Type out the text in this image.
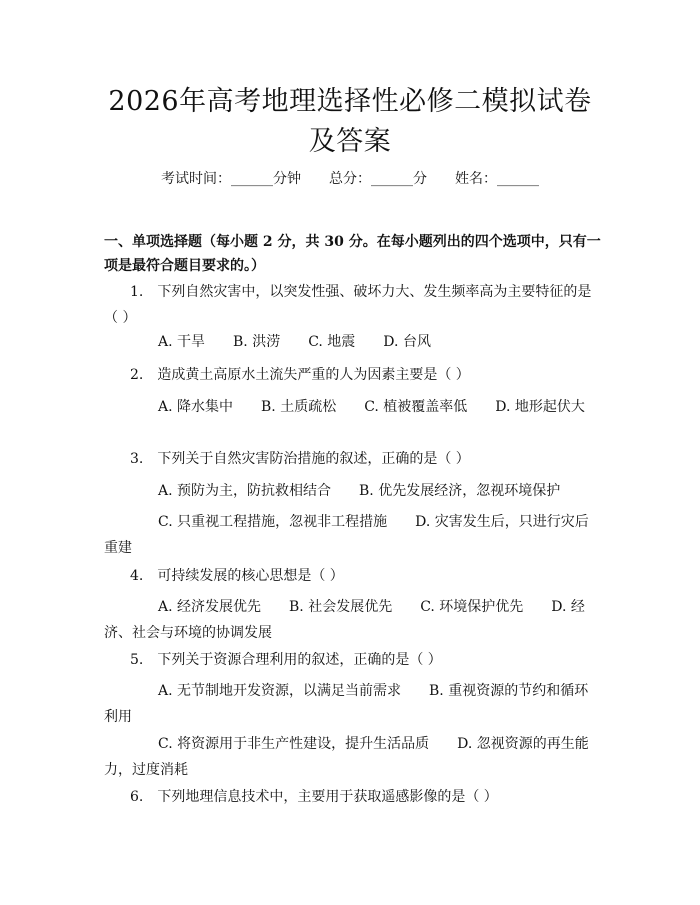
2026年高考地理选择性必修二模拟试卷及答案
考试时间：______分钟 总分：______分 姓名：______
一、单项选择题（每小题 2 分，共 30 分。在每小题列出的四个选项中，只有一项是最符合题目要求的。）
1.　下列自然灾害中，以突发性强、破坏力大、发生频率高为主要特征的是（ ）
A. 干旱　　B. 洪涝　　C. 地震　　D. 台风
2.　造成黄土高原水土流失严重的人为因素主要是（ ）
A. 降水集中　　B. 土质疏松　　C. 植被覆盖率低　　D. 地形起伏大
3.　下列关于自然灾害防治措施的叙述，正确的是（ ）
A. 预防为主，防抗救相结合　　B. 优先发展经济，忽视环境保护
C. 只重视工程措施，忽视非工程措施　　D. 灾害发生后，只进行灾后重建
4.　可持续发展的核心思想是（ ）
A. 经济发展优先　　B. 社会发展优先　　C. 环境保护优先　　D. 经济、社会与环境的协调发展
5.　下列关于资源合理利用的叙述，正确的是（ ）
A. 无节制地开发资源，以满足当前需求　　B. 重视资源的节约和循环利用
C. 将资源用于非生产性建设，提升生活品质　　D. 忽视资源的再生能力，过度消耗
6.　下列地理信息技术中，主要用于获取遥感影像的是（ ）
